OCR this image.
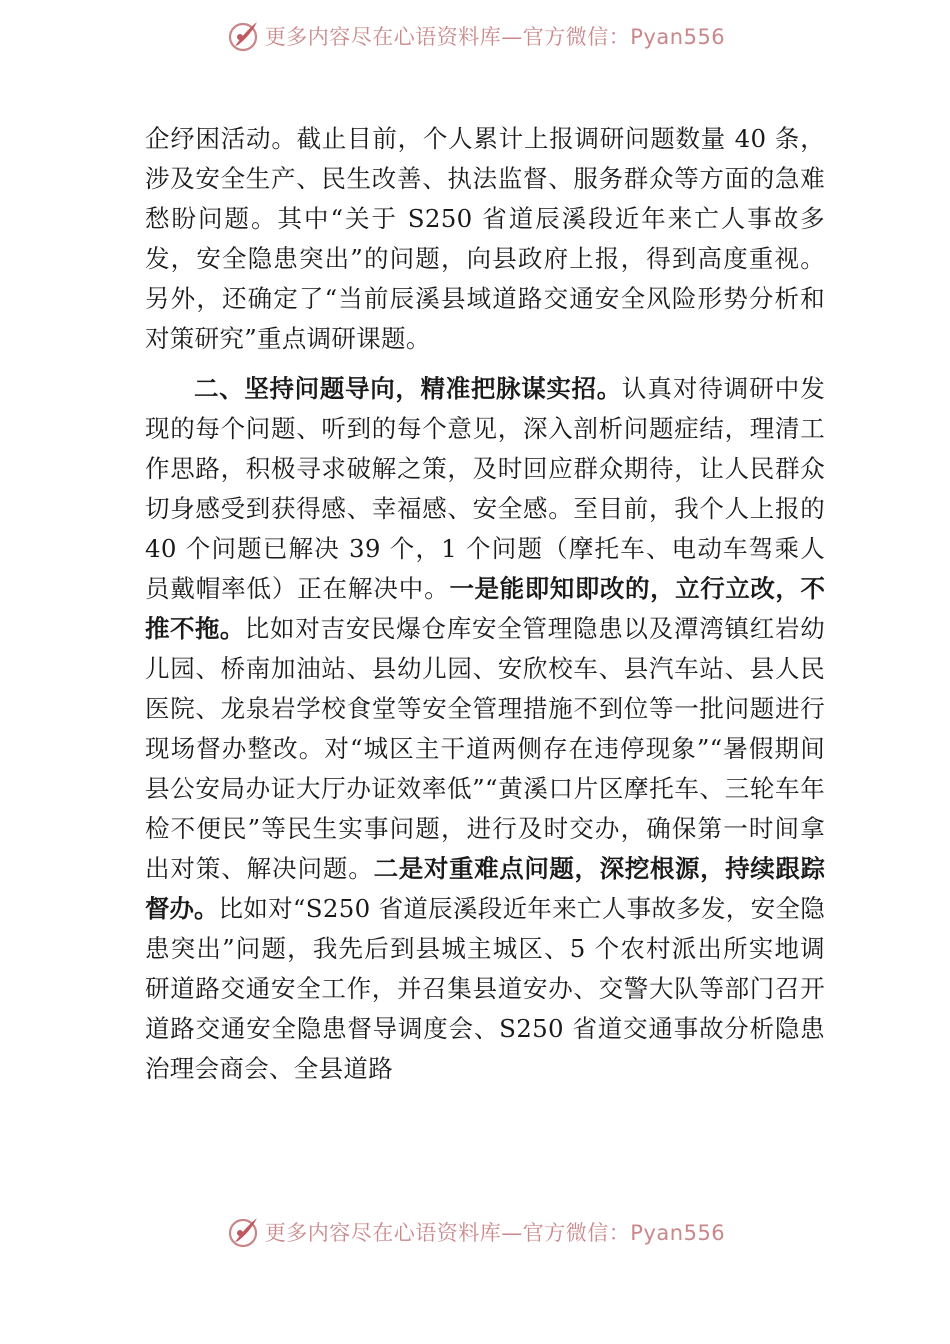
更多内容尽在心语资料库—官方微信：Pyan556

企纾困活动。截止目前，个人累计上报调研问题数量 40 条，涉及安全生产、民生改善、执法监督、服务群众等方面的急难愁盼问题。其中“关于 S250 省道辰溪段近年来亡人事故多发，安全隐患突出”的问题，向县政府上报，得到高度重视。另外，还确定了“当前辰溪县域道路交通安全风险形势分析和对策研究”重点调研课题。

二、坚持问题导向，精准把脉谋实招。认真对待调研中发现的每个问题、听到的每个意见，深入剖析问题症结，理清工作思路，积极寻求破解之策，及时回应群众期待，让人民群众切身感受到获得感、幸福感、安全感。至目前，我个人上报的 40 个问题已解决 39 个，1 个问题（摩托车、电动车驾乘人员戴帽率低）正在解决中。一是能即知即改的，立行立改，不推不拖。比如对吉安民爆仓库安全管理隐患以及潭湾镇红岩幼儿园、桥南加油站、县幼儿园、安欣校车、县汽车站、县人民医院、龙泉岩学校食堂等安全管理措施不到位等一批问题进行现场督办整改。对“城区主干道两侧存在违停现象”“暑假期间县公安局办证大厅办证效率低”“黄溪口片区摩托车、三轮车年检不便民”等民生实事问题，进行及时交办，确保第一时间拿出对策、解决问题。二是对重难点问题，深挖根源，持续跟踪督办。比如对“S250 省道辰溪段近年来亡人事故多发，安全隐患突出”问题，我先后到县城主城区、5 个农村派出所实地调研道路交通安全工作，并召集县道安办、交警大队等部门召开道路交通安全隐患督导调度会、S250 省道交通事故分析隐患治理会商会、全县道路

更多内容尽在心语资料库—官方微信：Pyan556
